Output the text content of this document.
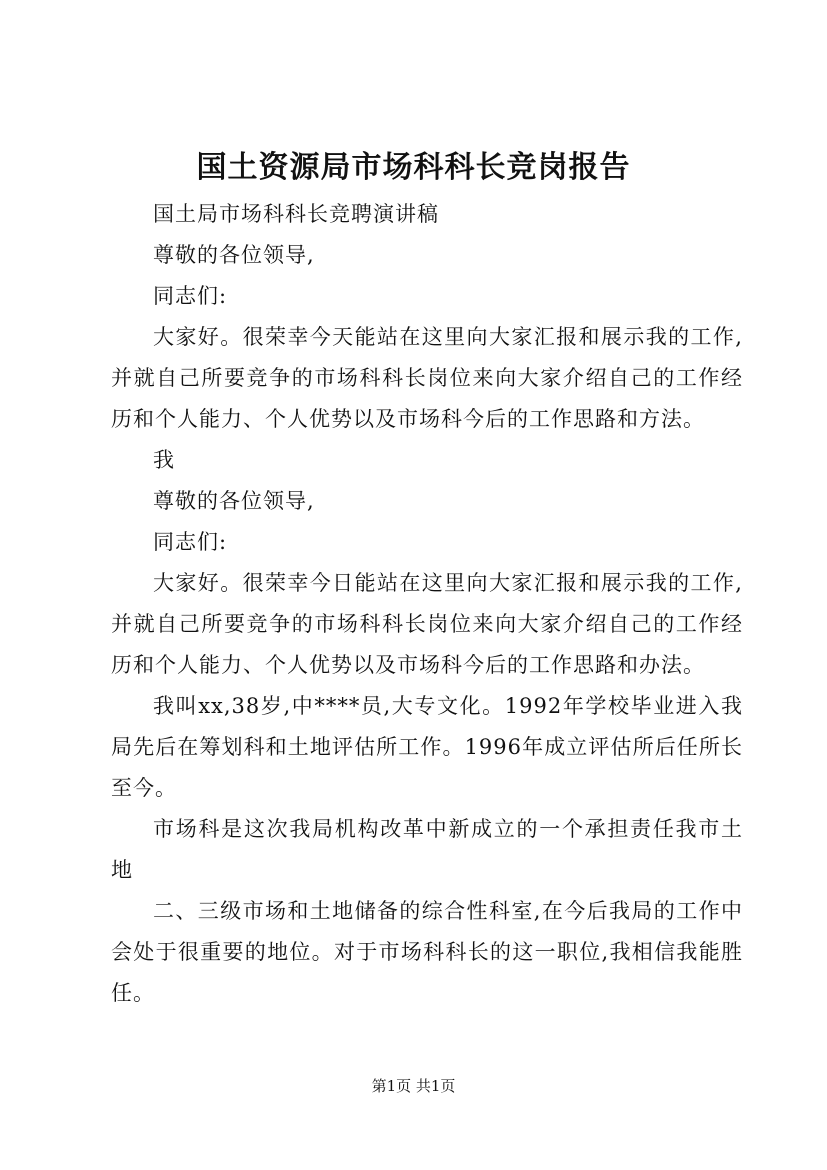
国土资源局市场科科长竞岗报告

国土局市场科科长竞聘演讲稿

尊敬的各位领导,

同志们:

大家好。很荣幸今天能站在这里向大家汇报和展示我的工作,并就自己所要竞争的市场科科长岗位来向大家介绍自己的工作经历和个人能力、个人优势以及市场科今后的工作思路和方法。

我

尊敬的各位领导,

同志们:

大家好。很荣幸今日能站在这里向大家汇报和展示我的工作,并就自己所要竞争的市场科科长岗位来向大家介绍自己的工作经历和个人能力、个人优势以及市场科今后的工作思路和办法。

我叫xx,38岁,中****员,大专文化。1992年学校毕业进入我局先后在筹划科和土地评估所工作。1996年成立评估所后任所长至今。

市场科是这次我局机构改革中新成立的一个承担责任我市土地

二、三级市场和土地储备的综合性科室,在今后我局的工作中会处于很重要的地位。对于市场科科长的这一职位,我相信我能胜任。

第1页 共1页
